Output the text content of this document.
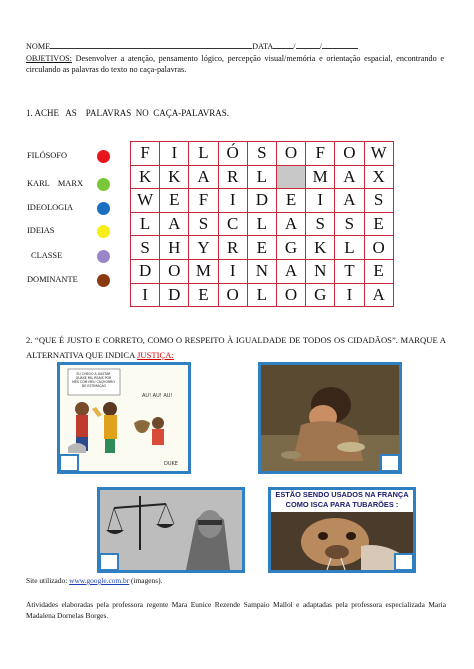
NOME	DATA /	/
OBJETIVOS: Desenvolver a atenção, pensamento lógico, percepção visual/memória e orientação espacial, encontrando e circulando as palavras do texto no caça-palavras.
1. ACHE   AS    PALAVRAS  NO  CAÇA-PALAVRAS.
FILÓSOFO
KARL    MARX
IDEOLOGIA
IDEIAS
CLASSE
DOMINANTE
F	I	L	Ó	S	O	F	O	W
K	K	A	R	L		M	A	X
W	E	F	I	D	E	I	A	S
L	A	S	C	L	A	S	S	E
S	H	Y	R	E	G	K	L	O
D	O	M	I	N	A	N	T	E
I	D	E	O	L	O	G	I	A
2. “QUE É JUSTO E CORRETO, COMO O RESPEITO À IGUALDADE DE TODOS OS CIDADÃOS”. MARQUE A ALTERNATIVA QUE INDICA JUSTIÇA:
EU CHEGO A GASTAR QUASE MIL REAIS POR MÊS COM MEU CACHORRO DE ESTIMAÇÃO
AU! AU! AU!
DUKE
ESTÃO SENDO USADOS NA FRANÇA
COMO ISCA PARA TUBARÕES :
Site utilizado: www.google.com.br (imagens).
Atividades elaboradas pela professora regente Mara Eunice Rezende Sampaio Mallol e adaptadas pela professora especializada Maria Madalena Dornelas Borges.
